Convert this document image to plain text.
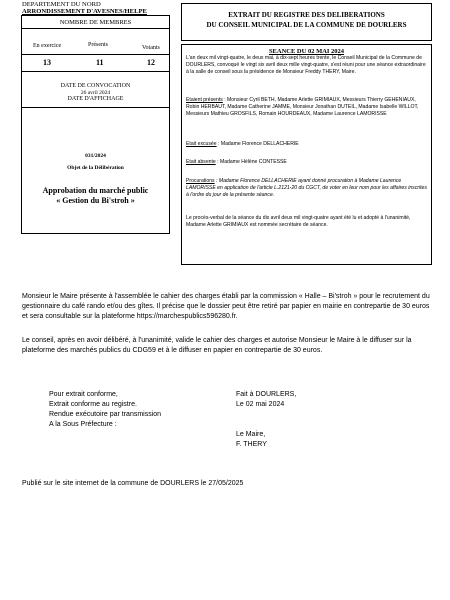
DEPARTEMENT DU NORD
ARRONDISSEMENT D'AVESNES/HELPE
NOMBRE DE MEMBRES
En exercice	Présents	Votants
13	11	12
DATE DE CONVOCATION
26 avril 2024
DATE D'AFFICHAGE
031/2024
Objet de la Délibération
Approbation du marché public
« Gestion du Bi'stroh »
EXTRAIT DU REGISTRE DES DELIBERATIONS
DU CONSEIL MUNICIPAL DE LA COMMUNE DE DOURLERS
SEANCE DU 02 MAI 2024
L'an deux mil vingt-quatre, le deux mai, à dix-sept heures trente, le Conseil Municipal de la Commune de DOURLERS, convoqué le vingt six avril deux mille vingt-quatre, s'est réuni pour une séance extraordinaire à la salle de conseil sous la présidence de Monsieur Freddy THERY, Maire.
Etaient présents : Monsieur Cyril BETH, Madame Arlette GRIMIAUX, Messieurs Thierry GEHENIAUX, Robin HERBAUT, Madame Catherine JAMME, Monsieur Jonathan DUTEIL, Madame Isabelle WILLOT, Messieurs Mathieu GROSFILS, Romain HOURDEAUX, Madame Laurence LAMORISSE
Etait excusée : Madame Florence DELLACHERIE
Etait absente : Madame Hélène CONTESSE
Procurations : Madame Florence DELLACHERIE ayant donné procuration à Madame Laurence LAMORISSE en application de l'article L.2121-20 du CGCT, de voter en leur nom pour les affaires inscrites à l'ordre du jour de la présente séance.
Le procès-verbal de la séance du dix avril deux mil vingt-quatre ayant été lu et adopté à l'unanimité, Madame Arlette GRIMIAUX est nommée secrétaire de séance.
Monsieur le Maire présente à l'assemblée le cahier des charges établi par la commission « Halle – Bi'stroh » pour le recrutement du gestionnaire du café rando et/ou des gîtes. Il précise que le dossier peut être retiré par papier en mairie en contrepartie de 30 euros et sera consultable sur la plateforme https://marchespublics596280.fr.
Le conseil, après en avoir délibéré, à l'unanimité, valide le cahier des charges et autorise Monsieur le Maire à le diffuser sur la plateforme des marchés publics du CDG59 et à le diffuser en papier en contrepartie de 30 euros.
Pour extrait conforme,
Extrait conforme au registre.
Rendue exécutoire par transmission
A la Sous Préfecture :
Fait à DOURLERS,
Le 02 mai 2024
Le Maire,
F. THERY
Publié sur le site internet de la commune de DOURLERS le 27/05/2025
